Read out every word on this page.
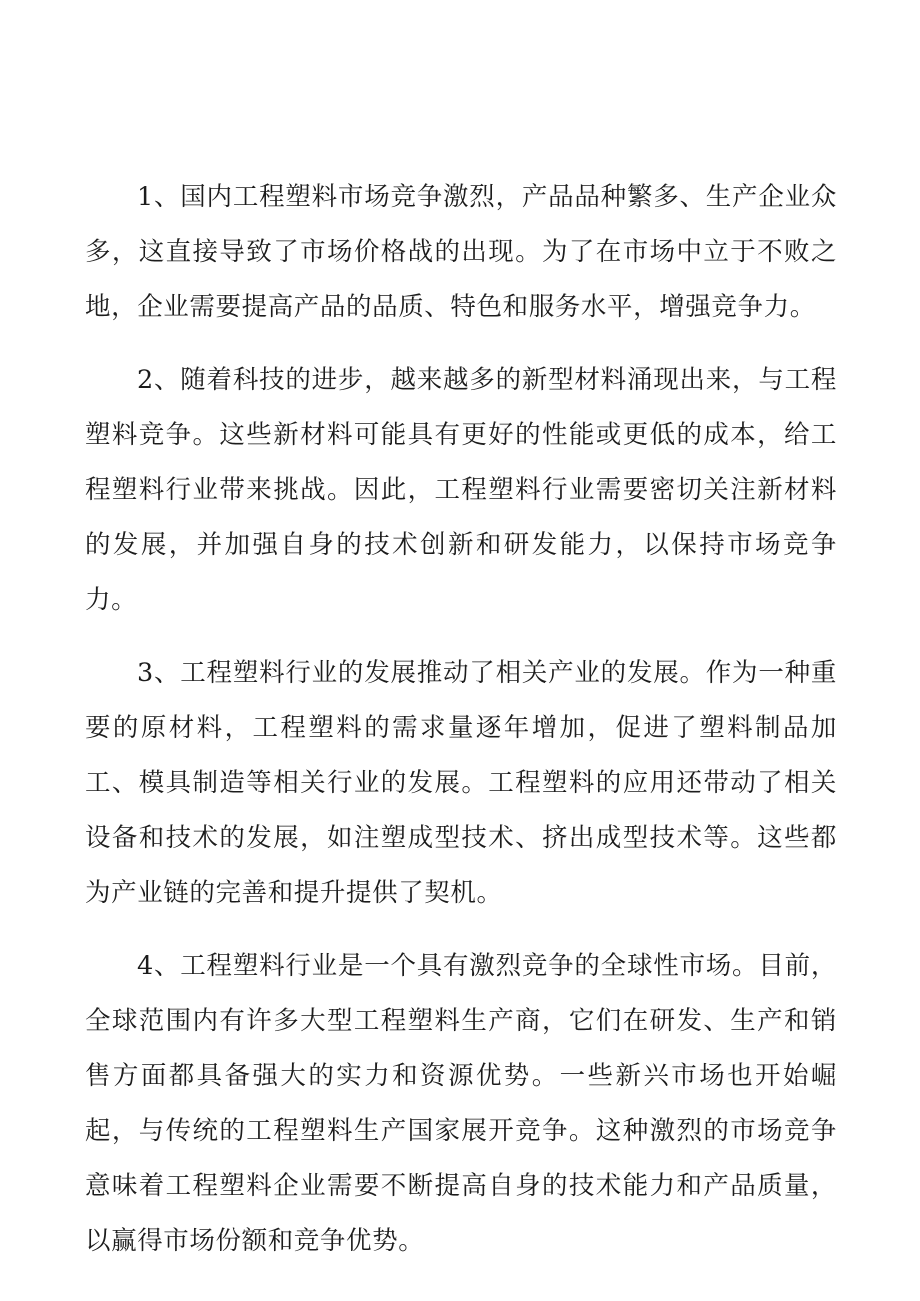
1、国内工程塑料市场竞争激烈，产品品种繁多、生产企业众多，这直接导致了市场价格战的出现。为了在市场中立于不败之地，企业需要提高产品的品质、特色和服务水平，增强竞争力。

2、随着科技的进步，越来越多的新型材料涌现出来，与工程塑料竞争。这些新材料可能具有更好的性能或更低的成本，给工程塑料行业带来挑战。因此，工程塑料行业需要密切关注新材料的发展，并加强自身的技术创新和研发能力，以保持市场竞争力。

3、工程塑料行业的发展推动了相关产业的发展。作为一种重要的原材料，工程塑料的需求量逐年增加，促进了塑料制品加工、模具制造等相关行业的发展。工程塑料的应用还带动了相关设备和技术的发展，如注塑成型技术、挤出成型技术等。这些都为产业链的完善和提升提供了契机。

4、工程塑料行业是一个具有激烈竞争的全球性市场。目前，全球范围内有许多大型工程塑料生产商，它们在研发、生产和销售方面都具备强大的实力和资源优势。一些新兴市场也开始崛起，与传统的工程塑料生产国家展开竞争。这种激烈的市场竞争意味着工程塑料企业需要不断提高自身的技术能力和产品质量，以赢得市场份额和竞争优势。
